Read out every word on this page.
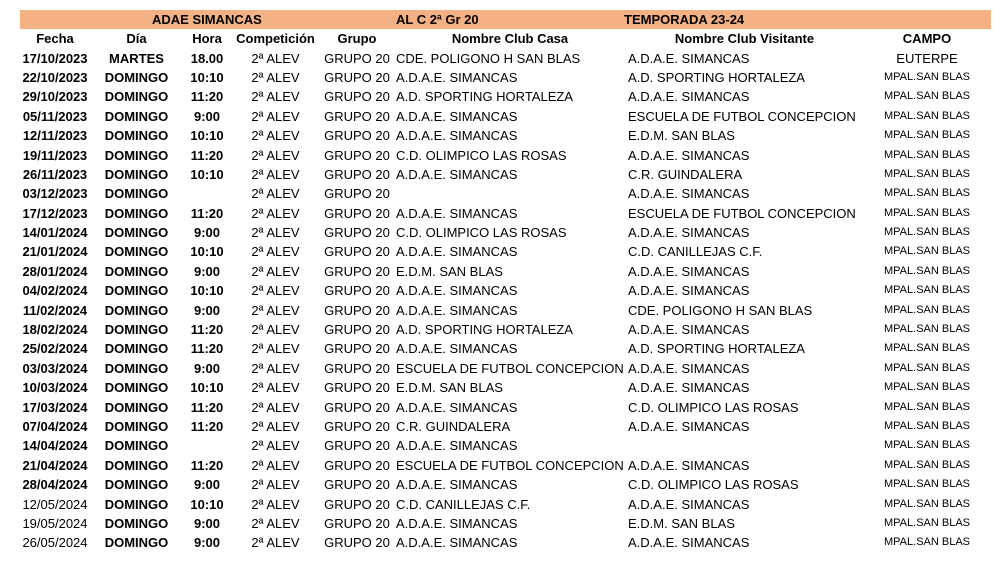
ADAE SIMANCAS	AL C 2ª Gr 20	TEMPORADA 23-24
Fecha	Día	Hora	Competición	Grupo	Nombre Club Casa	Nombre Club Visitante	CAMPO
17/10/2023	MARTES	18.00	2ª ALEV	GRUPO 20	CDE. POLIGONO H SAN BLAS	A.D.A.E. SIMANCAS	EUTERPE
22/10/2023	DOMINGO	10:10	2ª ALEV	GRUPO 20	A.D.A.E. SIMANCAS	A.D. SPORTING HORTALEZA	MPAL.SAN BLAS
29/10/2023	DOMINGO	11:20	2ª ALEV	GRUPO 20	A.D. SPORTING HORTALEZA	A.D.A.E. SIMANCAS	MPAL.SAN BLAS
05/11/2023	DOMINGO	9:00	2ª ALEV	GRUPO 20	A.D.A.E. SIMANCAS	ESCUELA DE FUTBOL CONCEPCION	MPAL.SAN BLAS
12/11/2023	DOMINGO	10:10	2ª ALEV	GRUPO 20	A.D.A.E. SIMANCAS	E.D.M. SAN BLAS	MPAL.SAN BLAS
19/11/2023	DOMINGO	11:20	2ª ALEV	GRUPO 20	C.D. OLIMPICO LAS ROSAS	A.D.A.E. SIMANCAS	MPAL.SAN BLAS
26/11/2023	DOMINGO	10:10	2ª ALEV	GRUPO 20	A.D.A.E. SIMANCAS	C.R. GUINDALERA	MPAL.SAN BLAS
03/12/2023	DOMINGO		2ª ALEV	GRUPO 20		A.D.A.E. SIMANCAS	MPAL.SAN BLAS
17/12/2023	DOMINGO	11:20	2ª ALEV	GRUPO 20	A.D.A.E. SIMANCAS	ESCUELA DE FUTBOL CONCEPCION	MPAL.SAN BLAS
14/01/2024	DOMINGO	9:00	2ª ALEV	GRUPO 20	C.D. OLIMPICO LAS ROSAS	A.D.A.E. SIMANCAS	MPAL.SAN BLAS
21/01/2024	DOMINGO	10:10	2ª ALEV	GRUPO 20	A.D.A.E. SIMANCAS	C.D. CANILLEJAS C.F.	MPAL.SAN BLAS
28/01/2024	DOMINGO	9:00	2ª ALEV	GRUPO 20	E.D.M. SAN BLAS	A.D.A.E. SIMANCAS	MPAL.SAN BLAS
04/02/2024	DOMINGO	10:10	2ª ALEV	GRUPO 20	A.D.A.E. SIMANCAS	A.D.A.E. SIMANCAS	MPAL.SAN BLAS
11/02/2024	DOMINGO	9:00	2ª ALEV	GRUPO 20	A.D.A.E. SIMANCAS	CDE. POLIGONO H SAN BLAS	MPAL.SAN BLAS
18/02/2024	DOMINGO	11:20	2ª ALEV	GRUPO 20	A.D. SPORTING HORTALEZA	A.D.A.E. SIMANCAS	MPAL.SAN BLAS
25/02/2024	DOMINGO	11:20	2ª ALEV	GRUPO 20	A.D.A.E. SIMANCAS	A.D. SPORTING HORTALEZA	MPAL.SAN BLAS
03/03/2024	DOMINGO	9:00	2ª ALEV	GRUPO 20	ESCUELA DE FUTBOL CONCEPCION	A.D.A.E. SIMANCAS	MPAL.SAN BLAS
10/03/2024	DOMINGO	10:10	2ª ALEV	GRUPO 20	E.D.M. SAN BLAS	A.D.A.E. SIMANCAS	MPAL.SAN BLAS
17/03/2024	DOMINGO	11:20	2ª ALEV	GRUPO 20	A.D.A.E. SIMANCAS	C.D. OLIMPICO LAS ROSAS	MPAL.SAN BLAS
07/04/2024	DOMINGO	11:20	2ª ALEV	GRUPO 20	C.R. GUINDALERA	A.D.A.E. SIMANCAS	MPAL.SAN BLAS
14/04/2024	DOMINGO		2ª ALEV	GRUPO 20	A.D.A.E. SIMANCAS		MPAL.SAN BLAS
21/04/2024	DOMINGO	11:20	2ª ALEV	GRUPO 20	ESCUELA DE FUTBOL CONCEPCION	A.D.A.E. SIMANCAS	MPAL.SAN BLAS
28/04/2024	DOMINGO	9:00	2ª ALEV	GRUPO 20	A.D.A.E. SIMANCAS	C.D. OLIMPICO LAS ROSAS	MPAL.SAN BLAS
12/05/2024	DOMINGO	10:10	2ª ALEV	GRUPO 20	C.D. CANILLEJAS C.F.	A.D.A.E. SIMANCAS	MPAL.SAN BLAS
19/05/2024	DOMINGO	9:00	2ª ALEV	GRUPO 20	A.D.A.E. SIMANCAS	E.D.M. SAN BLAS	MPAL.SAN BLAS
26/05/2024	DOMINGO	9:00	2ª ALEV	GRUPO 20	A.D.A.E. SIMANCAS	A.D.A.E. SIMANCAS	MPAL.SAN BLAS
